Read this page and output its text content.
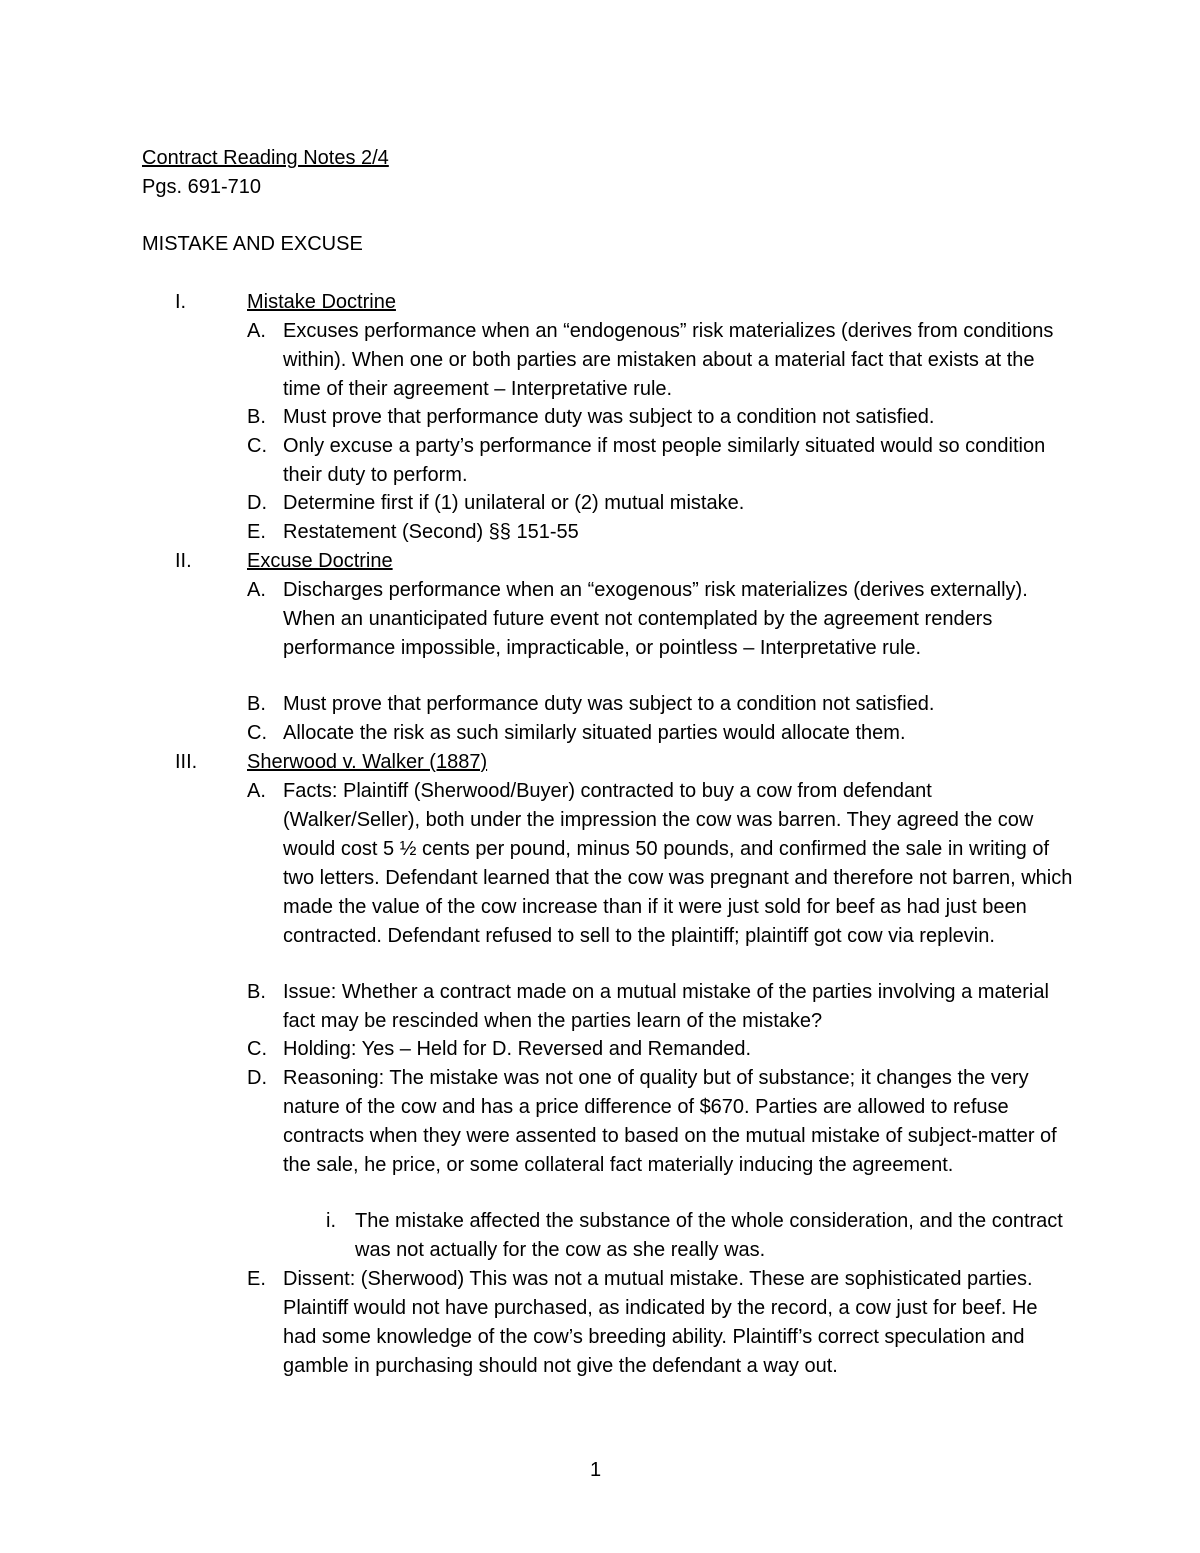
Contract Reading Notes 2/4
Pgs. 691-710
MISTAKE AND EXCUSE
I.	Mistake Doctrine
A. Excuses performance when an “endogenous” risk materializes (derives from conditions within). When one or both parties are mistaken about a material fact that exists at the time of their agreement – Interpretative rule.
B. Must prove that performance duty was subject to a condition not satisfied.
C. Only excuse a party’s performance if most people similarly situated would so condition their duty to perform.
D. Determine first if (1) unilateral or (2) mutual mistake.
E. Restatement (Second) §§ 151-55
II.	Excuse Doctrine
A. Discharges performance when an “exogenous” risk materializes (derives externally). When an unanticipated future event not contemplated by the agreement renders performance impossible, impracticable, or pointless – Interpretative rule.
B. Must prove that performance duty was subject to a condition not satisfied.
C. Allocate the risk as such similarly situated parties would allocate them.
III. Sherwood v. Walker (1887)
A. Facts: Plaintiff (Sherwood/Buyer) contracted to buy a cow from defendant (Walker/Seller), both under the impression the cow was barren. They agreed the cow would cost 5 ½ cents per pound, minus 50 pounds, and confirmed the sale in writing of two letters. Defendant learned that the cow was pregnant and therefore not barren, which made the value of the cow increase than if it were just sold for beef as had just been contracted. Defendant refused to sell to the plaintiff; plaintiff got cow via replevin.
B. Issue: Whether a contract made on a mutual mistake of the parties involving a material fact may be rescinded when the parties learn of the mistake?
C. Holding: Yes – Held for D. Reversed and Remanded.
D. Reasoning: The mistake was not one of quality but of substance; it changes the very nature of the cow and has a price difference of $670. Parties are allowed to refuse contracts when they were assented to based on the mutual mistake of subject-matter of the sale, he price, or some collateral fact materially inducing the agreement.
i. The mistake affected the substance of the whole consideration, and the contract was not actually for the cow as she really was.
E. Dissent: (Sherwood) This was not a mutual mistake. These are sophisticated parties. Plaintiff would not have purchased, as indicated by the record, a cow just for beef. He had some knowledge of the cow’s breeding ability. Plaintiff’s correct speculation and gamble in purchasing should not give the defendant a way out.
1
